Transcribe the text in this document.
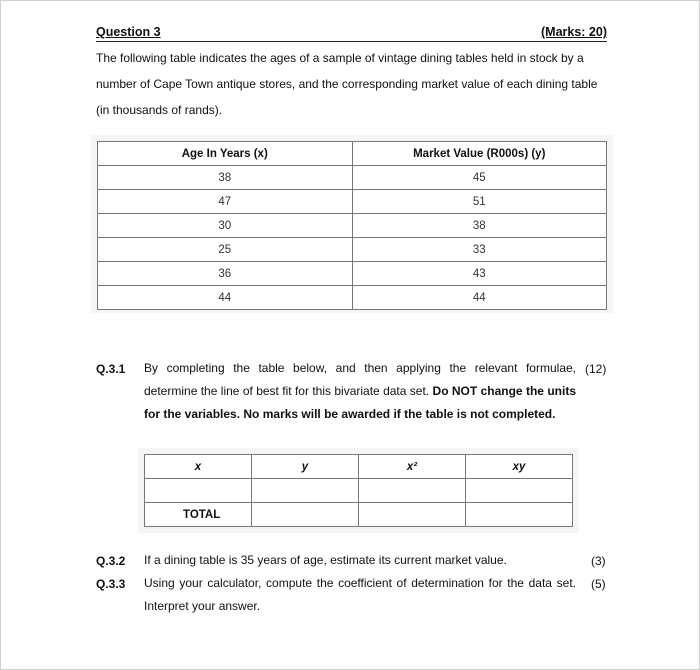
Question 3	(Marks: 20)
The following table indicates the ages of a sample of vintage dining tables held in stock by a number of Cape Town antique stores, and the corresponding market value of each dining table (in thousands of rands).
Age In Years (x)	Market Value (R000s) (y)
38	45
47	51
30	38
25	33
36	43
44	44
Q.3.1	(12)
By completing the table below, and then applying the relevant formulae, determine the line of best fit for this bivariate data set. Do NOT change the units for the variables. No marks will be awarded if the table is not completed.
x	y	x²	xy

TOTAL			
Q.3.2 If a dining table is 35 years of age, estimate its current market value.	(3)
Q.3.3 Using your calculator, compute the coefficient of determination for the data set. Interpret your answer.
(5)
